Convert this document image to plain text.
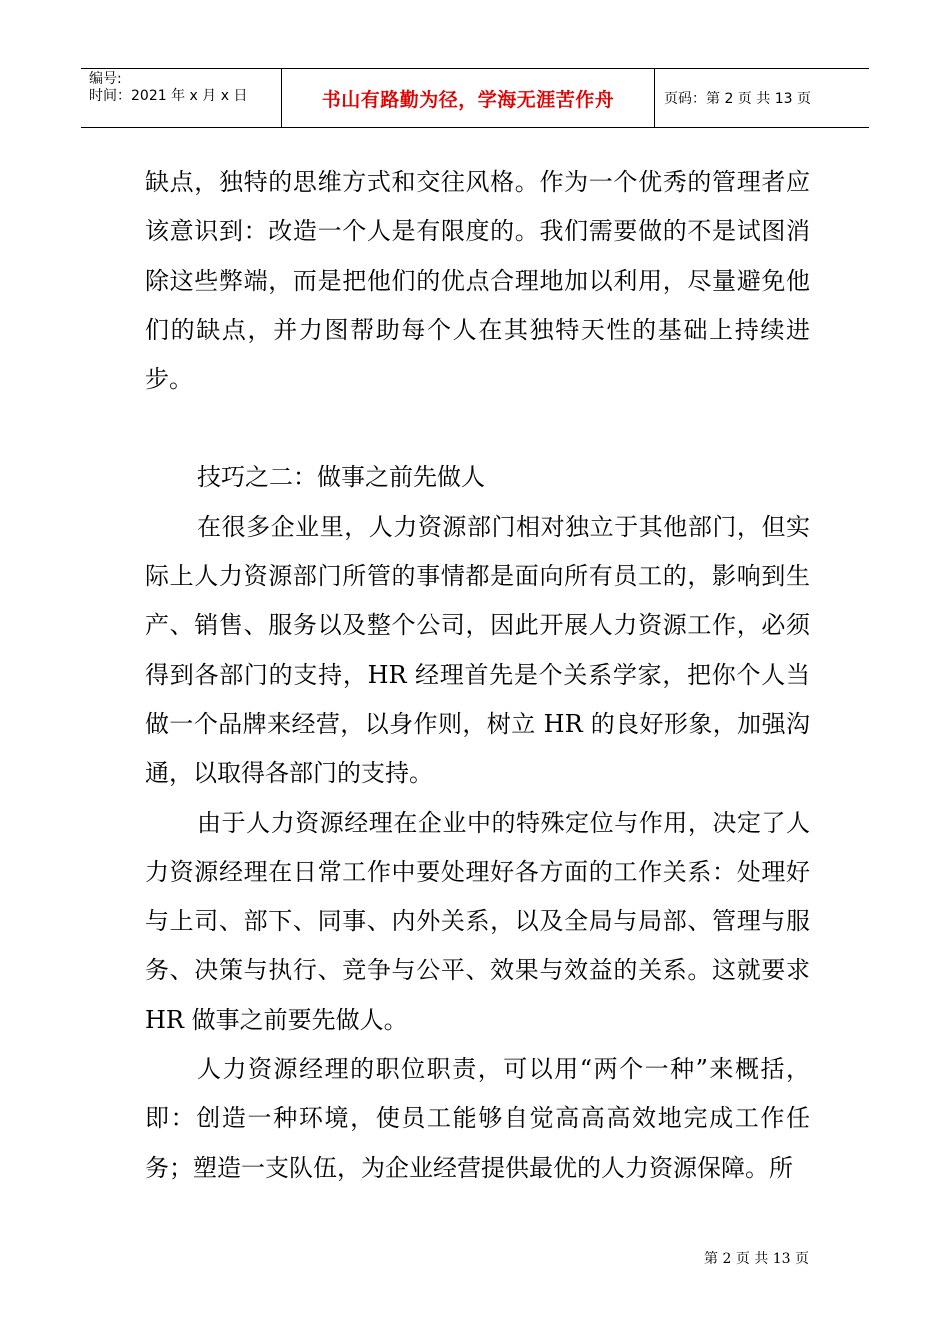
编号:
时间：2021 年 x 月 x 日	书山有路勤为径，学海无涯苦作舟	页码：第 2 页 共 13 页

缺点，独特的思维方式和交往风格。作为一个优秀的管理者应该意识到：改造一个人是有限度的。我们需要做的不是试图消除这些弊端，而是把他们的优点合理地加以利用，尽量避免他们的缺点，并力图帮助每个人在其独特天性的基础上持续进步。

技巧之二：做事之前先做人

在很多企业里，人力资源部门相对独立于其他部门，但实际上人力资源部门所管的事情都是面向所有员工的，影响到生产、销售、服务以及整个公司，因此开展人力资源工作，必须得到各部门的支持，HR 经理首先是个关系学家，把你个人当做一个品牌来经营，以身作则，树立 HR 的良好形象，加强沟通，以取得各部门的支持。

由于人力资源经理在企业中的特殊定位与作用，决定了人力资源经理在日常工作中要处理好各方面的工作关系：处理好与上司、部下、同事、内外关系，以及全局与局部、管理与服务、决策与执行、竞争与公平、效果与效益的关系。这就要求 HR 做事之前要先做人。

人力资源经理的职位职责，可以用“两个一种”来概括，即：创造一种环境，使员工能够自觉高高高效地完成工作任务；塑造一支队伍，为企业经营提供最优的人力资源保障。所

第 2 页 共 13 页
